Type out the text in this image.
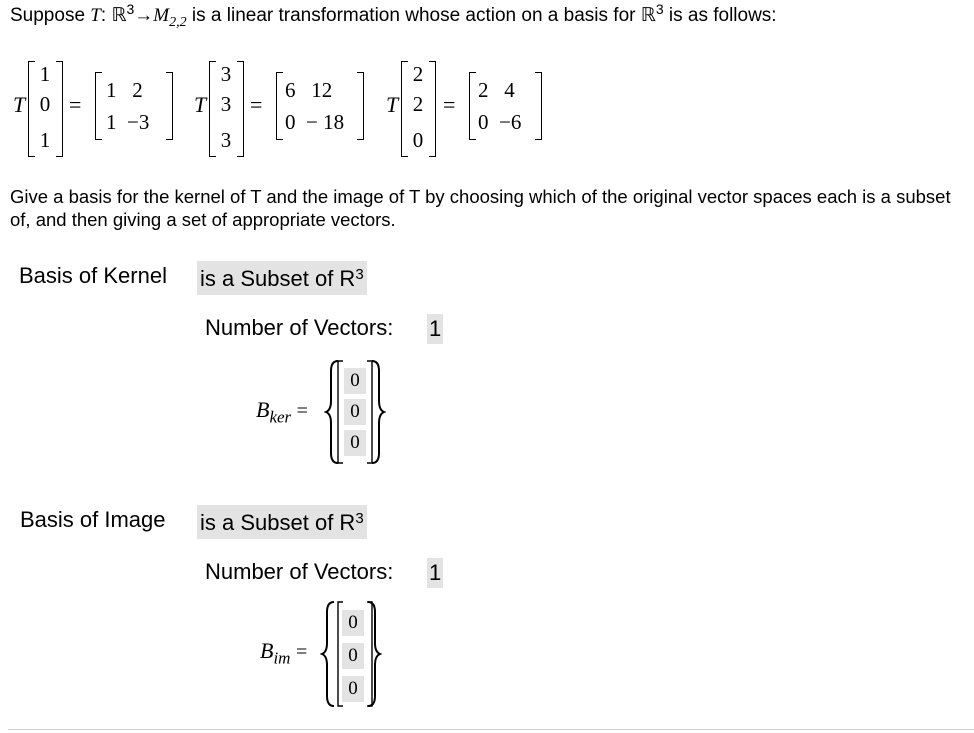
Suppose T: $ℝ^3\to M_{2,2}$ is a linear transformation whose action on a basis for ℝ$^3$ is as follows:
T
1
0
1
=
1   2
1  −3
T
3
3
3
=
6   12
0  − 18
T
2
2
0
=
2   4
0  −6
Give a basis for the kernel of T and the image of T by choosing which of the original vector spaces each is a subset of, and then giving a set of appropriate vectors.
Basis of Kernel is a Subset of $R^3$
Number of Vectors: 1
$B_{ker}$ =
0
0
0
Basis of Image is a Subset of $R^3$
Number of Vectors: 1
$B_{im}$ =
0
0
0
